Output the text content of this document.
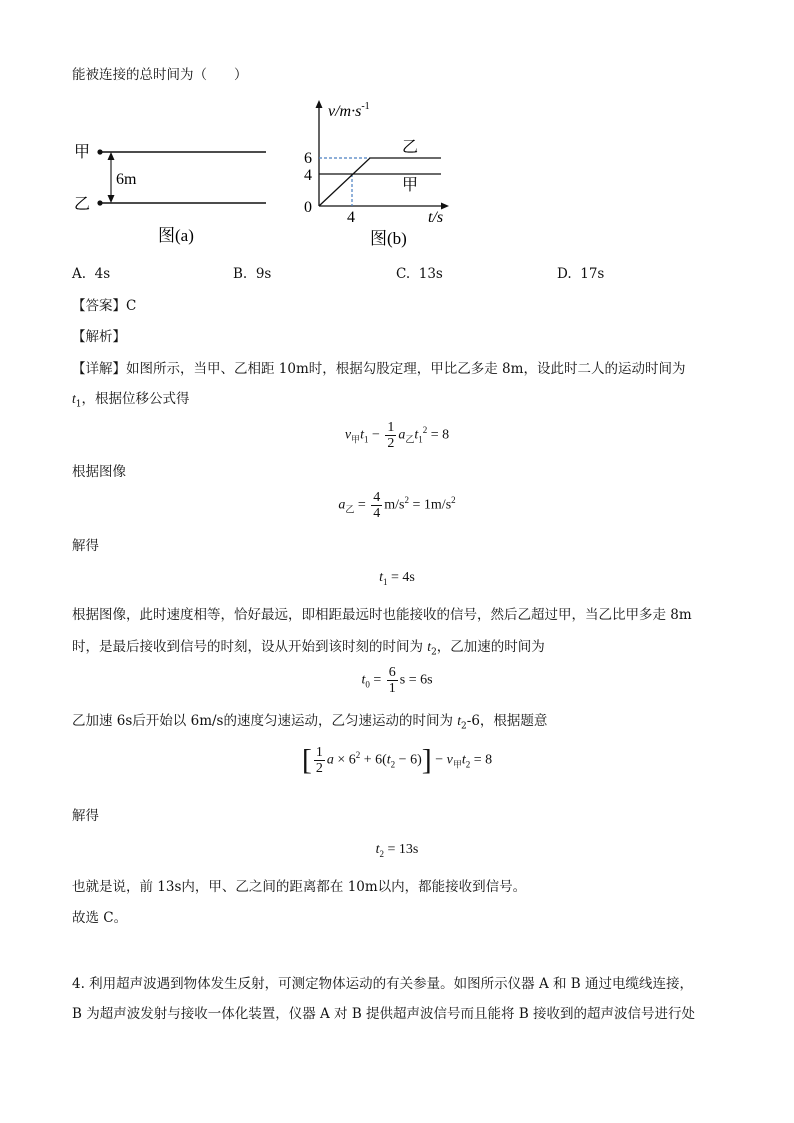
能被连接的总时间为（　　）
甲
乙
6m
图(a)
$v/m\cdot s^{-1}$
6
4
0
4	t/s
乙
甲
图(b)
A. 4s	B. 9s	C. 13s	D. 17s
【答案】C
【解析】
【详解】如图所示，当甲、乙相距 10m时，根据勾股定理，甲比乙多走 8m，设此时二人的运动时间为
$t_1$，根据位移公式得
$v_甲t_1 - \frac{1}{2} a_乙t_1^2 = 8$
根据图像
$a_乙 = \frac{4}{4} m/s^2 = 1m/s^2$
解得
$t_1 = 4s$
根据图像，此时速度相等，恰好最远，即相距最远时也能接收的信号，然后乙超过甲，当乙比甲多走 8m
时，是最后接收到信号的时刻，设从开始到该时刻的时间为 $t_2$，乙加速的时间为
$t_0 = \frac{6}{1}$ s = 6s
乙加速 6s后开始以 6m/s的速度匀速运动，乙匀速运动的时间为 $t_2-6$，根据题意
[ $\frac{1}{2}$ $a \times 6^2 + 6(t_2 - 6)] - v_甲t_2 = 8$
解得
$t_2 = 13s$
也就是说，前 13s内，甲、乙之间的距离都在 10m以内，都能接收到信号。
故选 C。
4. 利用超声波遇到物体发生反射，可测定物体运动的有关参量。如图所示仪器 A 和 B 通过电缆线连接，
B 为超声波发射与接收一体化装置，仪器 A 对 B 提供超声波信号而且能将 B 接收到的超声波信号进行处
